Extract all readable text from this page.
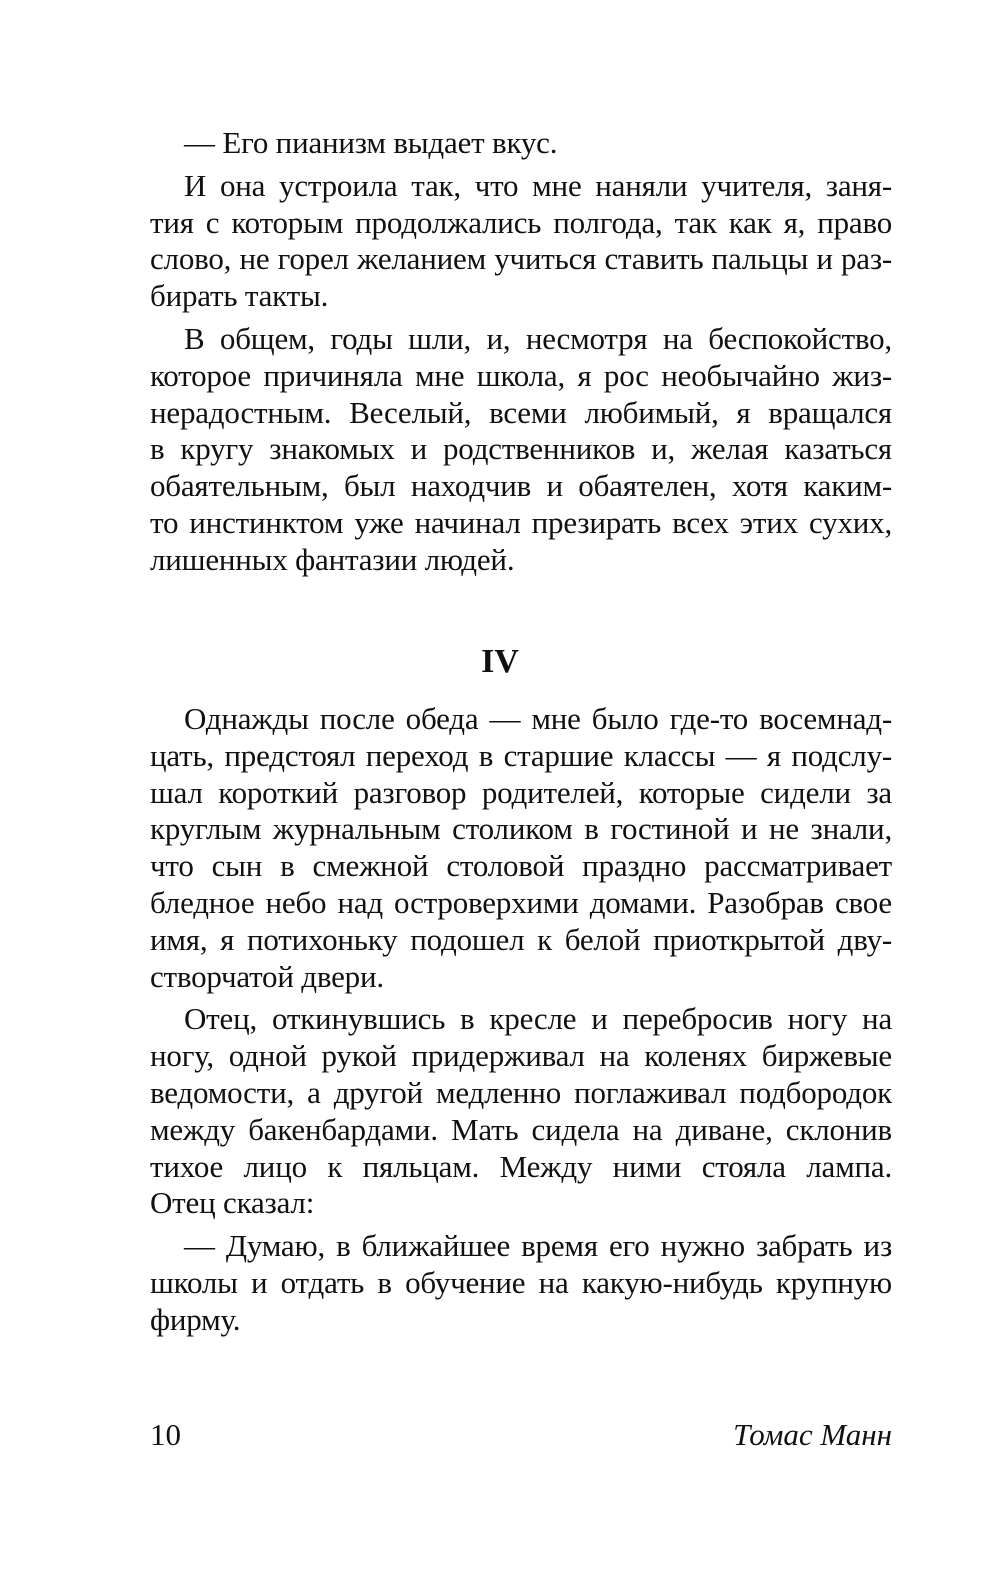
— Его пианизм выдает вкус.
И она устроила так, что мне наняли учителя, заня-
тия с которым продолжались полгода, так как я, право
слово, не горел желанием учиться ставить пальцы и раз-
бирать такты.
В общем, годы шли, и, несмотря на беспокойство,
которое причиняла мне школа, я рос необычайно жиз-
нерадостным. Веселый, всеми любимый, я вращался
в кругу знакомых и родственников и, желая казаться
обаятельным, был находчив и обаятелен, хотя каким-
то инстинктом уже начинал презирать всех этих сухих,
лишенных фантазии людей.
IV
Однажды после обеда — мне было где-то восемнад-
цать, предстоял переход в старшие классы — я подслу-
шал короткий разговор родителей, которые сидели за
круглым журнальным столиком в гостиной и не знали,
что сын в смежной столовой праздно рассматривает
бледное небо над островерхими домами. Разобрав свое
имя, я потихоньку подошел к белой приоткрытой дву-
створчатой двери.
Отец, откинувшись в кресле и перебросив ногу на
ногу, одной рукой придерживал на коленях биржевые
ведомости, а другой медленно поглаживал подбородок
между бакенбардами. Мать сидела на диване, склонив
тихое лицо к пяльцам. Между ними стояла лампа.
Отец сказал:
— Думаю, в ближайшее время его нужно забрать из
школы и отдать в обучение на какую-нибудь крупную
фирму.
10	Томас Манн
